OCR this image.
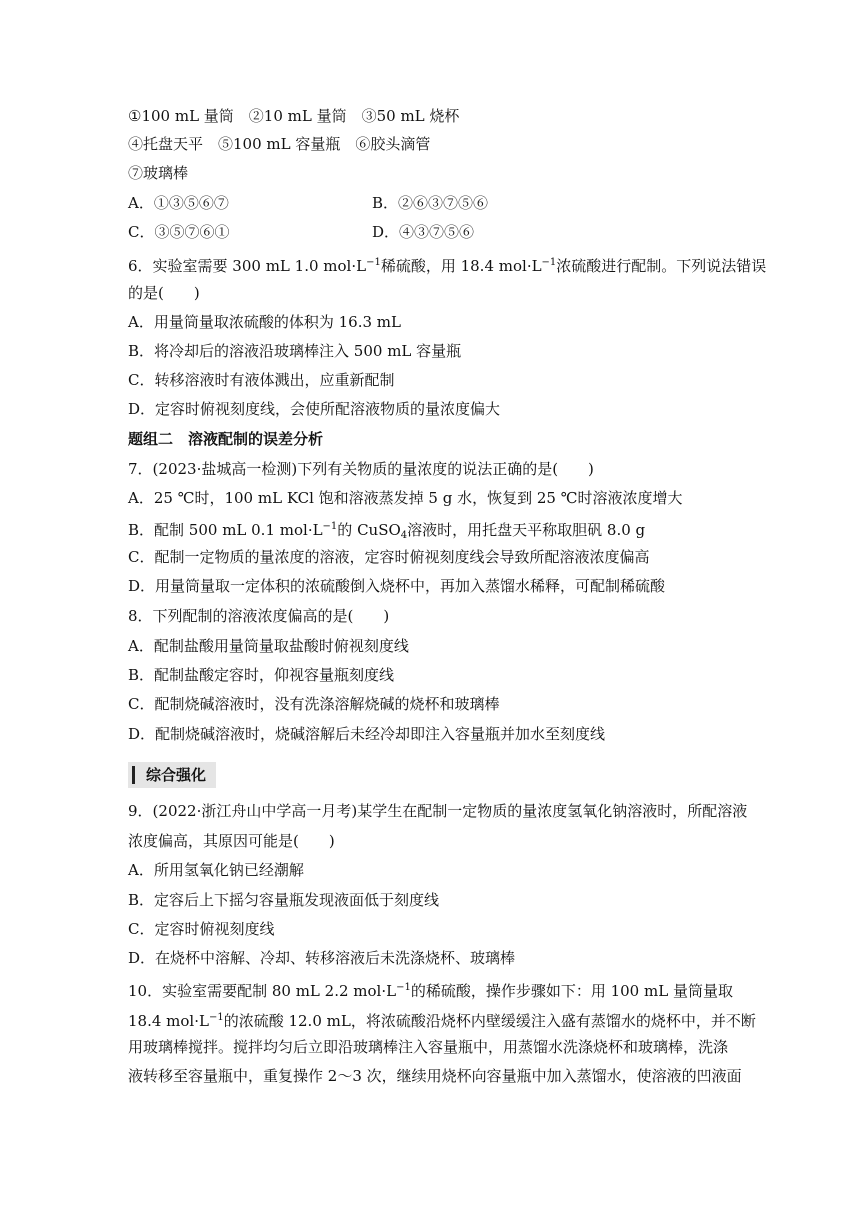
①100 mL 量筒　②10 mL 量筒　③50 mL 烧杯
④托盘天平　⑤100 mL 容量瓶　⑥胶头滴管
⑦玻璃棒
A．①③⑤⑥⑦	B．②⑥③⑦⑤⑥
C．③⑤⑦⑥①	D．④③⑦⑤⑥
6．实验室需要 300 mL 1.0 $mol\cdot L^{-1}$稀硫酸，用 18.4 $mol\cdot L^{-1}$浓硫酸进行配制。下列说法错误
的是(　　)
A．用量筒量取浓硫酸的体积为 16.3 mL
B．将冷却后的溶液沿玻璃棒注入 500 mL 容量瓶
C．转移溶液时有液体溅出，应重新配制
D．定容时俯视刻度线，会使所配溶液物质的量浓度偏大
题组二　溶液配制的误差分析
7．(2023·盐城高一检测)下列有关物质的量浓度的说法正确的是(　　)
A．25 ℃时，100 mL KCl 饱和溶液蒸发掉 5 g 水，恢复到 25 ℃时溶液浓度增大
B．配制 500 mL 0.1 $mol\cdot L^{-1}$的 CuSO$_4$溶液时，用托盘天平称取胆矾 8.0 g
C．配制一定物质的量浓度的溶液，定容时俯视刻度线会导致所配溶液浓度偏高
D．用量筒量取一定体积的浓硫酸倒入烧杯中，再加入蒸馏水稀释，可配制稀硫酸
8．下列配制的溶液浓度偏高的是(　　)
A．配制盐酸用量筒量取盐酸时俯视刻度线
B．配制盐酸定容时，仰视容量瓶刻度线
C．配制烧碱溶液时，没有洗涤溶解烧碱的烧杯和玻璃棒
D．配制烧碱溶液时，烧碱溶解后未经冷却即注入容量瓶并加水至刻度线
综合强化
9．(2022·浙江舟山中学高一月考)某学生在配制一定物质的量浓度氢氧化钠溶液时，所配溶液
浓度偏高，其原因可能是(　　)
A．所用氢氧化钠已经潮解
B．定容后上下摇匀容量瓶发现液面低于刻度线
C．定容时俯视刻度线
D．在烧杯中溶解、冷却、转移溶液后未洗涤烧杯、玻璃棒
10．实验室需要配制 80 mL 2.2 $mol\cdot L^{-1}$的稀硫酸，操作步骤如下：用 100 mL 量筒量取
18.4 $mol\cdot L^{-1}$的浓硫酸 12.0 mL，将浓硫酸沿烧杯内壁缓缓注入盛有蒸馏水的烧杯中，并不断
用玻璃棒搅拌。搅拌均匀后立即沿玻璃棒注入容量瓶中，用蒸馏水洗涤烧杯和玻璃棒，洗涤
液转移至容量瓶中，重复操作 2～3 次，继续用烧杯向容量瓶中加入蒸馏水，使溶液的凹液面
